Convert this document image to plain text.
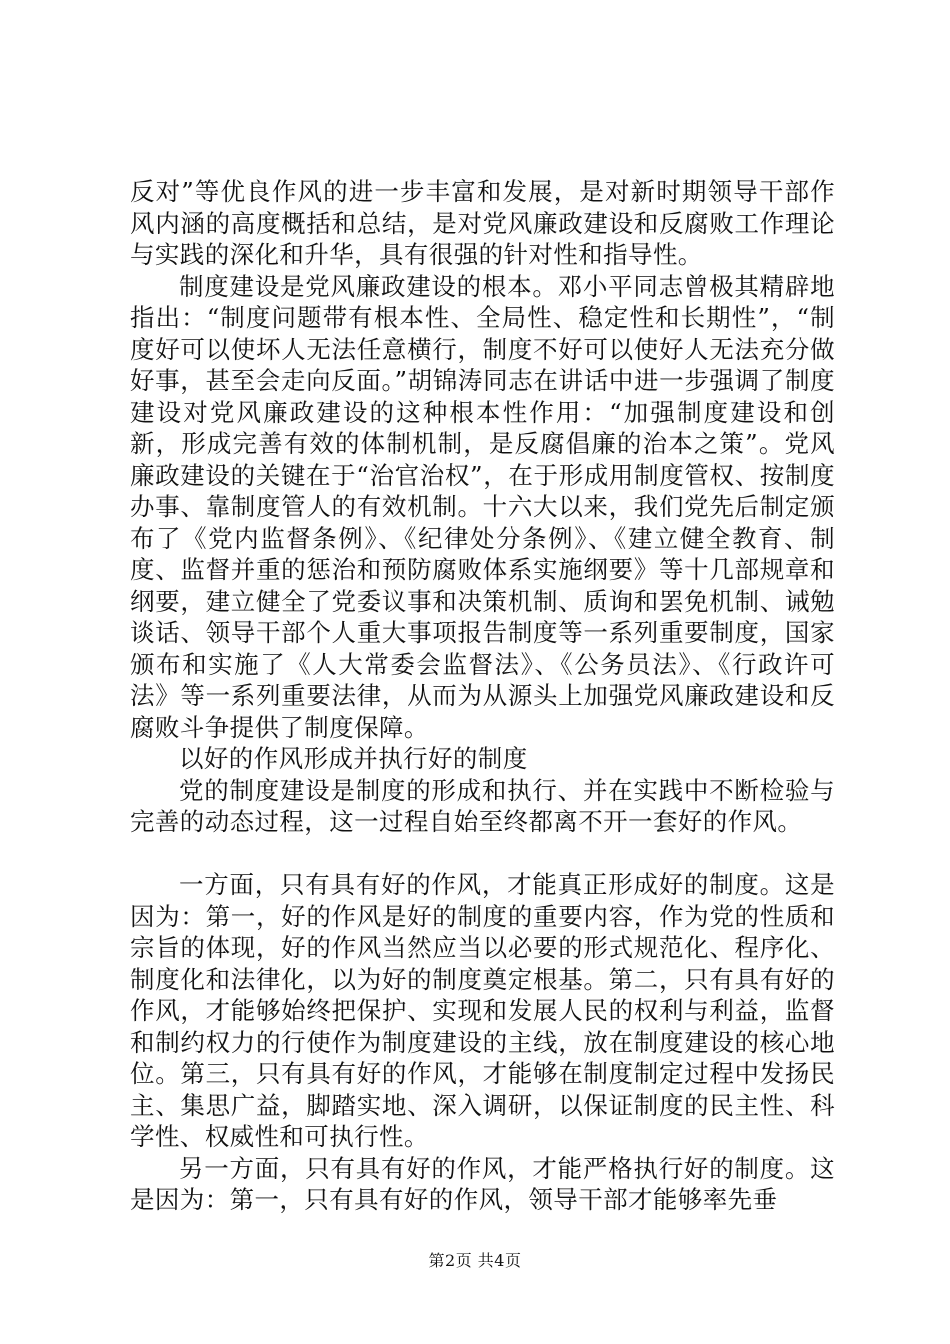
反对”等优良作风的进一步丰富和发展，是对新时期领导干部作风内涵的高度概括和总结，是对党风廉政建设和反腐败工作理论与实践的深化和升华，具有很强的针对性和指导性。

制度建设是党风廉政建设的根本。邓小平同志曾极其精辟地指出：“制度问题带有根本性、全局性、稳定性和长期性”，“制度好可以使坏人无法任意横行，制度不好可以使好人无法充分做好事，甚至会走向反面。”胡锦涛同志在讲话中进一步强调了制度建设对党风廉政建设的这种根本性作用：“加强制度建设和创新，形成完善有效的体制机制，是反腐倡廉的治本之策”。党风廉政建设的关键在于“治官治权”，在于形成用制度管权、按制度办事、靠制度管人的有效机制。十六大以来，我们党先后制定颁布了《党内监督条例》、《纪律处分条例》、《建立健全教育、制度、监督并重的惩治和预防腐败体系实施纲要》等十几部规章和纲要，建立健全了党委议事和决策机制、质询和罢免机制、诫勉谈话、领导干部个人重大事项报告制度等一系列重要制度，国家颁布和实施了《人大常委会监督法》、《公务员法》、《行政许可法》等一系列重要法律，从而为从源头上加强党风廉政建设和反腐败斗争提供了制度保障。

以好的作风形成并执行好的制度

党的制度建设是制度的形成和执行、并在实践中不断检验与完善的动态过程，这一过程自始至终都离不开一套好的作风。

一方面，只有具有好的作风，才能真正形成好的制度。这是因为：第一，好的作风是好的制度的重要内容，作为党的性质和宗旨的体现，好的作风当然应当以必要的形式规范化、程序化、制度化和法律化，以为好的制度奠定根基。第二，只有具有好的作风，才能够始终把保护、实现和发展人民的权利与利益，监督和制约权力的行使作为制度建设的主线，放在制度建设的核心地位。第三，只有具有好的作风，才能够在制度制定过程中发扬民主、集思广益，脚踏实地、深入调研，以保证制度的民主性、科学性、权威性和可执行性。

另一方面，只有具有好的作风，才能严格执行好的制度。这是因为：第一，只有具有好的作风，领导干部才能够率先垂

第2页 共4页
